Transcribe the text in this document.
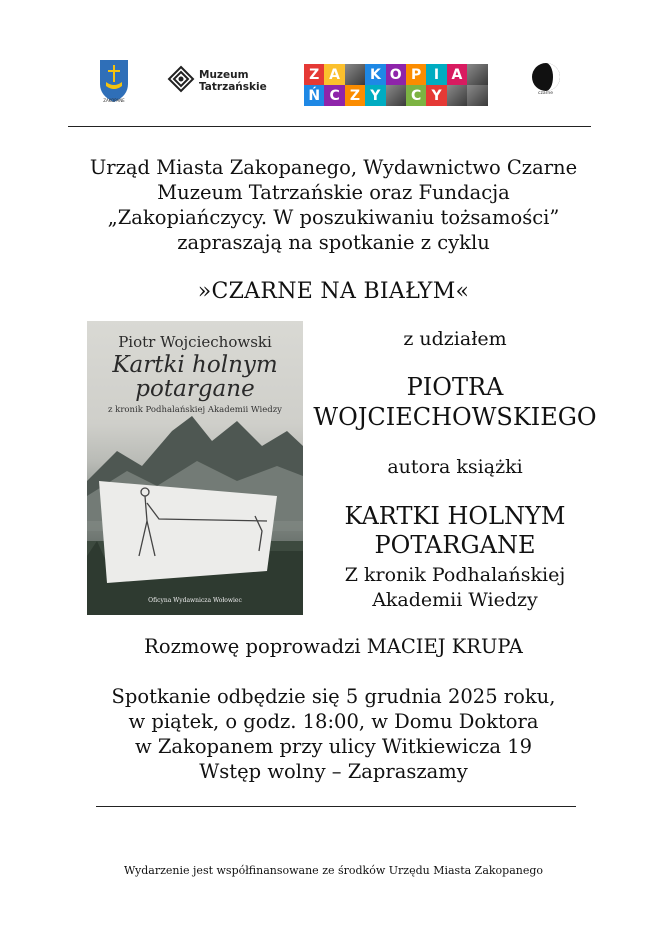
ZAKOPANE
Muzeum
Tatrzańskie
Z A	K O P I A
Ń C Z Y	C Y	czarne
Urząd Miasta Zakopanego, Wydawnictwo Czarne
Muzeum Tatrzańskie oraz Fundacja
„Zakopiańczycy. W poszukiwaniu tożsamości”
zapraszają na spotkanie z cyklu
»CZARNE NA BIAŁYM«
Piotr Wojciechowski
Kartki holnym
potargane
z kronik Podhalańskiej Akademii Wiedzy
Oficyna Wydawnicza Wołowiec
z udziałem
PIOTRA
WOJCIECHOWSKIEGO
autora książki
KARTKI HOLNYM
POTARGANE
Z kronik Podhalańskiej
Akademii Wiedzy
Rozmowę poprowadzi MACIEJ KRUPA
Spotkanie odbędzie się 5 grudnia 2025 roku,
w piątek, o godz. 18:00, w Domu Doktora
w Zakopanem przy ulicy Witkiewicza 19
Wstęp wolny – Zapraszamy
Wydarzenie jest współfinansowane ze środków Urzędu Miasta Zakopanego
